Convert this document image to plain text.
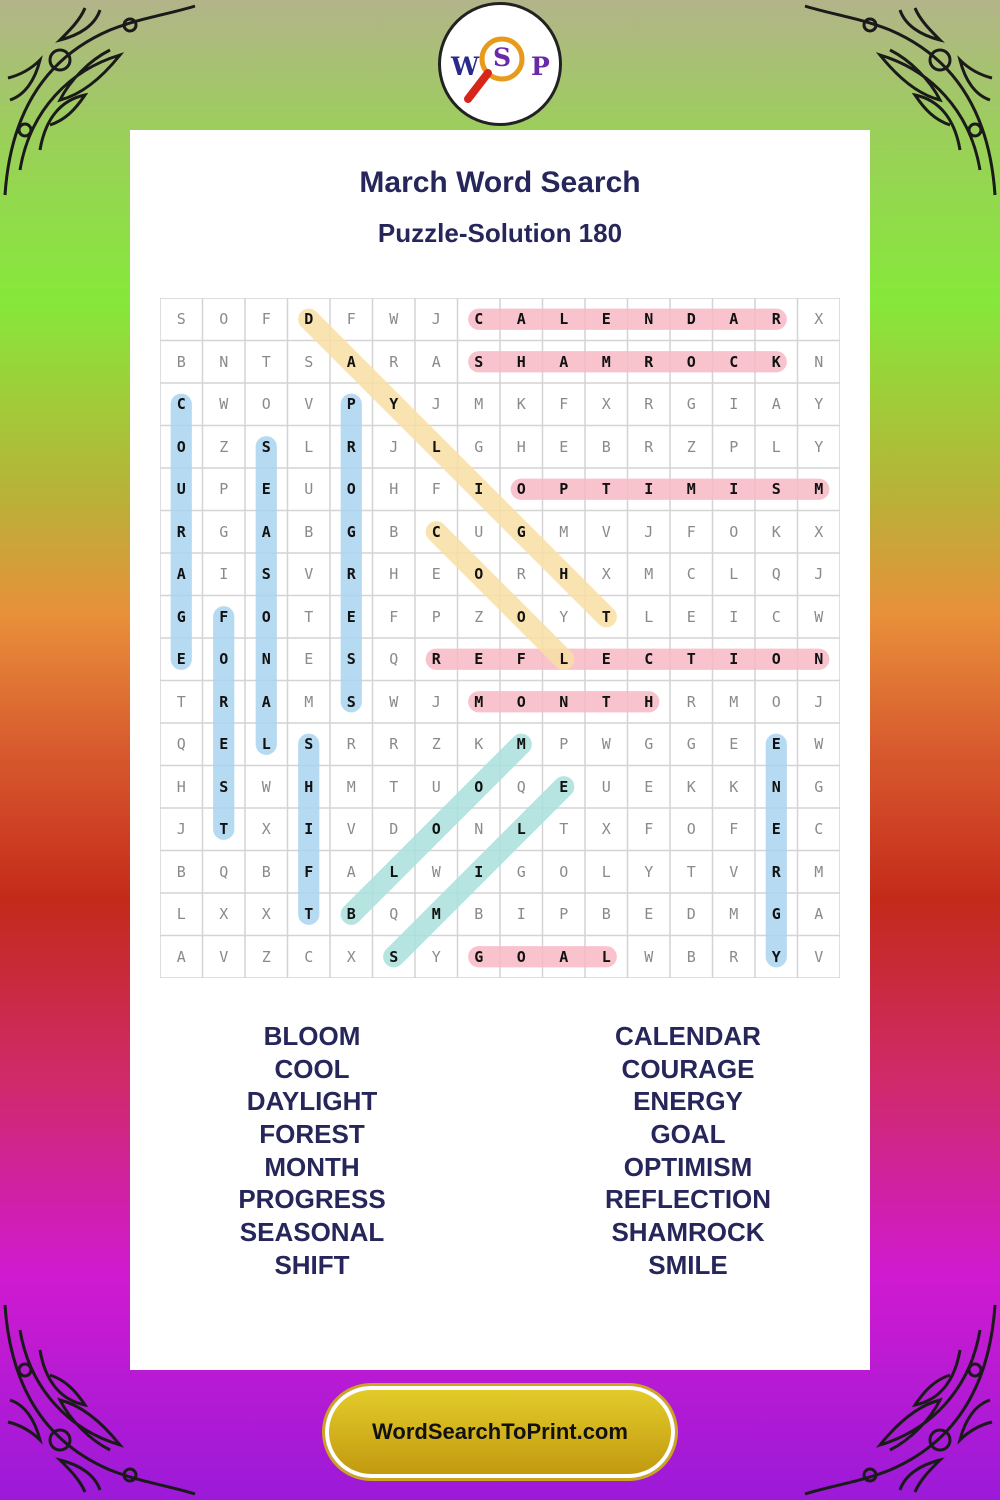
W S P
March Word Search
Puzzle-Solution 180
S	O	F	D	F	W	J	C	A	L	E	N	D	A	R	X
B	N	T	S	A	R	A	S	H	A	M	R	O	C	K	N
C	W	O	V	P	Y	J	M	K	F	X	R	G	I	A	Y
O	Z	S	L	R	J	L	G	H	E	B	R	Z	P	L	Y
U	P	E	U	O	H	F	I	O	P	T	I	M	I	S	M
R	G	A	B	G	B	C	U	G	M	V	J	F	O	K	X
A	I	S	V	R	H	E	O	R	H	X	M	C	L	Q	J
G	F	O	T	E	F	P	Z	O	Y	T	L	E	I	C	W
E	O	N	E	S	Q	R	E	F	L	E	C	T	I	O	N
T	R	A	M	S	W	J	M	O	N	T	H	R	M	O	J
Q	E	L	S	R	R	Z	K	M	P	W	G	G	E	E	W
H	S	W	H	M	T	U	O	Q	E	U	E	K	K	N	G
J	T	X	I	V	D	O	N	L	T	X	F	O	F	E	C
B	Q	B	F	A	L	W	I	G	O	L	Y	T	V	R	M
L	X	X	T	B	Q	M	B	I	P	B	E	D	M	G	A
A	V	Z	C	X	S	Y	G	O	A	L	W	B	R	Y	V
BLOOM
COOL
DAYLIGHT
FOREST
MONTH
PROGRESS
SEASONAL
SHIFT
CALENDAR
COURAGE
ENERGY
GOAL
OPTIMISM
REFLECTION
SHAMROCK
SMILE
WordSearchToPrint.com
